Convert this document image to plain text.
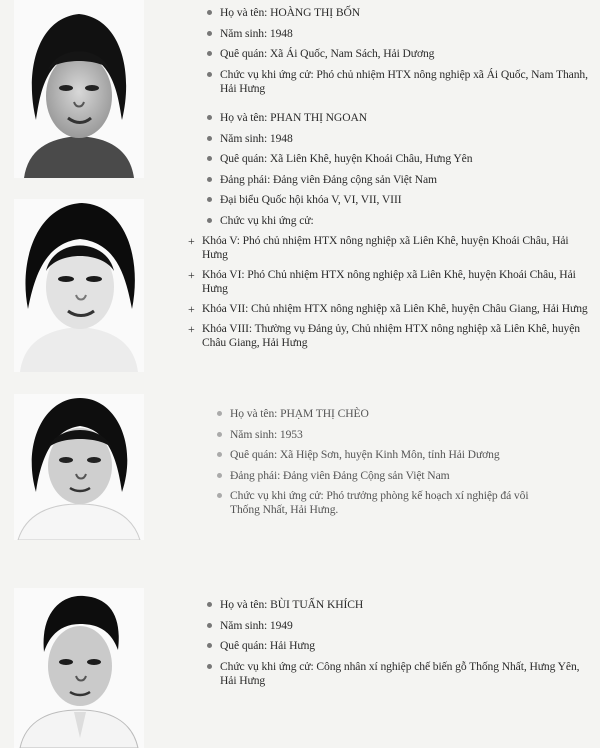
Họ và tên: HOÀNG THỊ BỐN
Năm sinh: 1948
Quê quán: Xã Ái Quốc, Nam Sách, Hải Dương
Chức vụ khi ứng cử: Phó chủ nhiệm HTX nông nghiệp xã Ái Quốc, Nam Thanh, Hải Hưng
Họ và tên: PHAN THỊ NGOAN
Năm sinh: 1948
Quê quán: Xã Liên Khê, huyện Khoái Châu, Hưng Yên
Đảng phái: Đảng viên Đảng cộng sản Việt Nam
Đại biểu Quốc hội khóa V, VI, VII, VIII
Chức vụ khi ứng cử:
+ Khóa V: Phó chủ nhiệm HTX nông nghiệp xã Liên Khê, huyện Khoái Châu, Hải Hưng
+ Khóa VI: Phó Chủ nhiệm HTX nông nghiệp xã Liên Khê, huyện Khoái Châu, Hải Hưng
+ Khóa VII: Chủ nhiệm HTX nông nghiệp xã Liên Khê, huyện Châu Giang, Hải Hưng
+ Khóa VIII: Thường vụ Đảng ủy, Chủ nhiệm HTX nông nghiệp xã Liên Khê, huyện Châu Giang, Hải Hưng
Họ và tên: PHẠM THỊ CHÈO
Năm sinh: 1953
Quê quán: Xã Hiệp Sơn, huyện Kinh Môn, tỉnh Hải Dương
Đảng phái: Đảng viên Đảng Cộng sản Việt Nam
Chức vụ khi ứng cử: Phó trưởng phòng kế hoạch xí nghiệp đá vôi Thống Nhất, Hải Hưng.
Họ và tên: BÙI TUẤN KHÍCH
Năm sinh: 1949
Quê quán: Hải Hưng
Chức vụ khi ứng cử: Công nhân xí nghiệp chế biến gỗ Thống Nhất, Hưng Yên, Hải Hưng
